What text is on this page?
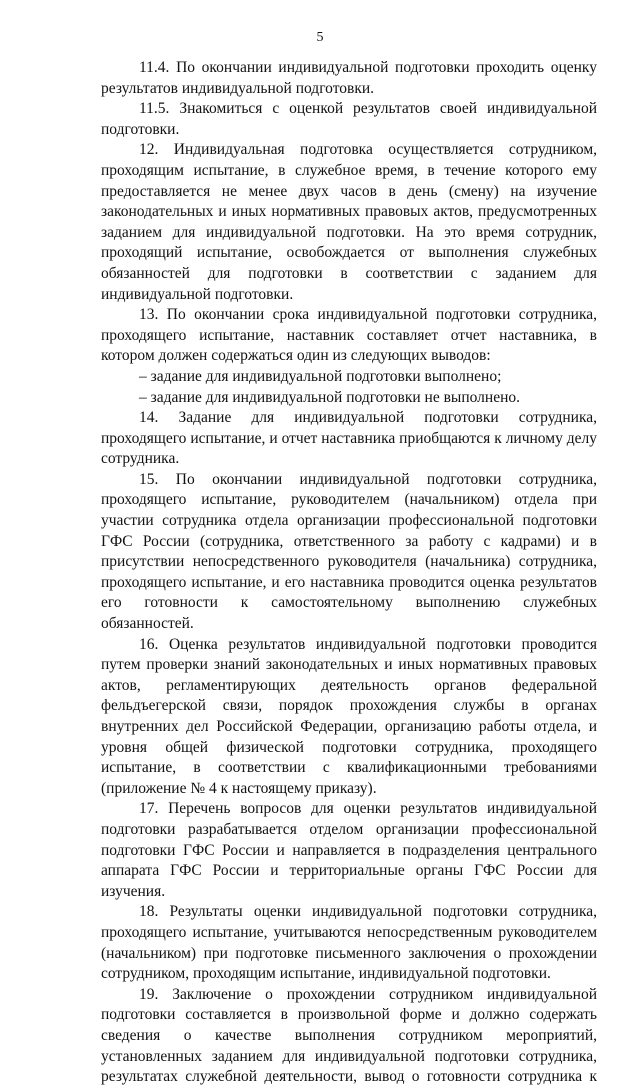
5

11.4. По окончании индивидуальной подготовки проходить оценку результатов индивидуальной подготовки.

11.5. Знакомиться с оценкой результатов своей индивидуальной подготовки.

12. Индивидуальная подготовка осуществляется сотрудником, проходящим испытание, в служебное время, в течение которого ему предоставляется не менее двух часов в день (смену) на изучение законодательных и иных нормативных правовых актов, предусмотренных заданием для индивидуальной подготовки. На это время сотрудник, проходящий испытание, освобождается от выполнения служебных обязанностей для подготовки в соответствии с заданием для индивидуальной подготовки.

13. По окончании срока индивидуальной подготовки сотрудника, проходящего испытание, наставник составляет отчет наставника, в котором должен содержаться один из следующих выводов:

– задание для индивидуальной подготовки выполнено;

– задание для индивидуальной подготовки не выполнено.

14. Задание для индивидуальной подготовки сотрудника, проходящего испытание, и отчет наставника приобщаются к личному делу сотрудника.

15. По окончании индивидуальной подготовки сотрудника, проходящего испытание, руководителем (начальником) отдела при участии сотрудника отдела организации профессиональной подготовки ГФС России (сотрудника, ответственного за работу с кадрами) и в присутствии непосредственного руководителя (начальника) сотрудника, проходящего испытание, и его наставника проводится оценка результатов его готовности к самостоятельному выполнению служебных обязанностей.

16. Оценка результатов индивидуальной подготовки проводится путем проверки знаний законодательных и иных нормативных правовых актов, регламентирующих деятельность органов федеральной фельдъегерской связи, порядок прохождения службы в органах внутренних дел Российской Федерации, организацию работы отдела, и уровня общей физической подготовки сотрудника, проходящего испытание, в соответствии с квалификационными требованиями (приложение № 4 к настоящему приказу).

17. Перечень вопросов для оценки результатов индивидуальной подготовки разрабатывается отделом организации профессиональной подготовки ГФС России и направляется в подразделения центрального аппарата ГФС России и территориальные органы ГФС России для изучения.

18. Результаты оценки индивидуальной подготовки сотрудника, проходящего испытание, учитываются непосредственным руководителем (начальником) при подготовке письменного заключения о прохождении сотрудником, проходящим испытание, индивидуальной подготовки.

19. Заключение о прохождении сотрудником индивидуальной подготовки составляется в произвольной форме и должно содержать сведения о качестве выполнения сотрудником мероприятий, установленных заданием для индивидуальной подготовки сотрудника, результатах служебной деятельности, вывод о готовности сотрудника к
